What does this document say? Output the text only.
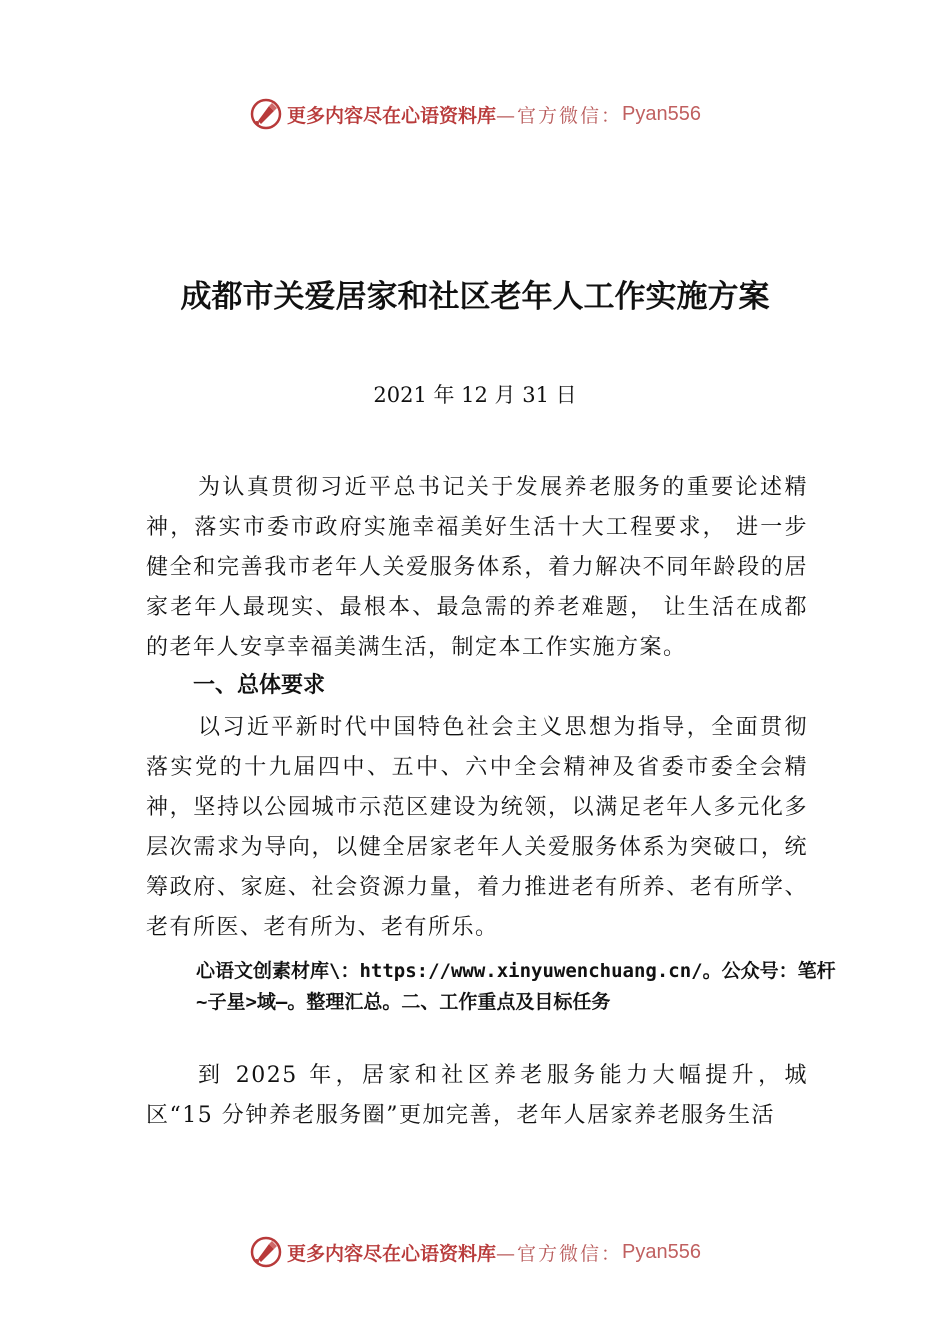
更多内容尽在心语资料库 —官方微信： Pyan556
成都市关爱居家和社区老年人工作实施方案
2021 年 12 月 31 日
为认真贯彻习近平总书记关于发展养老服务的重要论述精神，落实市委市政府实施幸福美好生活十大工程要求， 进一步健全和完善我市老年人关爱服务体系，着力解决不同年龄段的居家老年人最现实、最根本、最急需的养老难题， 让生活在成都的老年人安享幸福美满生活，制定本工作实施方案。
一、总体要求
以习近平新时代中国特色社会主义思想为指导，全面贯彻落实党的十九届四中、五中、六中全会精神及省委市委全会精神，坚持以公园城市示范区建设为统领，以满足老年人多元化多层次需求为导向，以健全居家老年人关爱服务体系为突破口，统筹政府、家庭、社会资源力量，着力推进老有所养、老有所学、老有所医、老有所为、老有所乐。
心语文创素材库\：https://www.xinyuwenchuang.cn/。公众号：笔杆~子星>域—。整理汇总。二、工作重点及目标任务
到 2025 年，居家和社区养老服务能力大幅提升，城区“15 分钟养老服务圈”更加完善，老年人居家养老服务生活
更多内容尽在心语资料库 —官方微信： Pyan556
